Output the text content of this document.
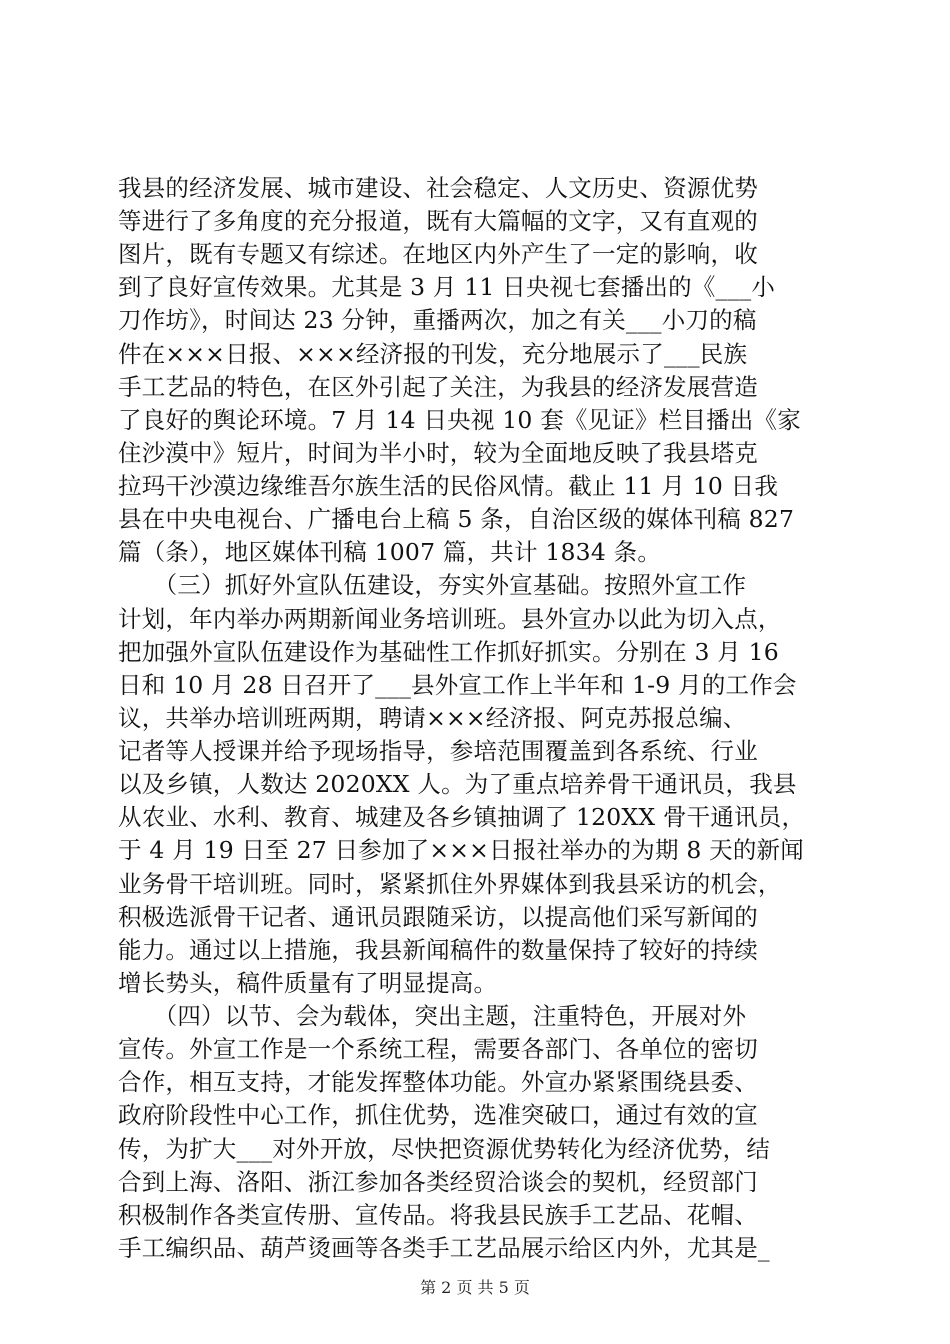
我县的经济发展、城市建设、社会稳定、人文历史、资源优势
等进行了多角度的充分报道，既有大篇幅的文字，又有直观的
图片，既有专题又有综述。在地区内外产生了一定的影响，收
到了良好宣传效果。尤其是 3 月 11 日央视七套播出的《___小
刀作坊》，时间达 23 分钟，重播两次，加之有关___小刀的稿
件在×××日报、×××经济报的刊发，充分地展示了___民族
手工艺品的特色，在区外引起了关注，为我县的经济发展营造
了良好的舆论环境。7 月 14 日央视 10 套《见证》栏目播出《家
住沙漠中》短片，时间为半小时，较为全面地反映了我县塔克
拉玛干沙漠边缘维吾尔族生活的民俗风情。截止 11 月 10 日我
县在中央电视台、广播电台上稿 5 条，自治区级的媒体刊稿 827
篇（条），地区媒体刊稿 1007 篇，共计 1834 条。
　　（三）抓好外宣队伍建设，夯实外宣基础。按照外宣工作
计划，年内举办两期新闻业务培训班。县外宣办以此为切入点，
把加强外宣队伍建设作为基础性工作抓好抓实。分别在 3 月 16
日和 10 月 28 日召开了___县外宣工作上半年和 1-9 月的工作会
议，共举办培训班两期，聘请×××经济报、阿克苏报总编、
记者等人授课并给予现场指导，参培范围覆盖到各系统、行业
以及乡镇，人数达 2020XX 人。为了重点培养骨干通讯员，我县
从农业、水利、教育、城建及各乡镇抽调了 120XX 骨干通讯员，
于 4 月 19 日至 27 日参加了×××日报社举办的为期 8 天的新闻
业务骨干培训班。同时，紧紧抓住外界媒体到我县采访的机会，
积极选派骨干记者、通讯员跟随采访，以提高他们采写新闻的
能力。通过以上措施，我县新闻稿件的数量保持了较好的持续
增长势头，稿件质量有了明显提高。
　　（四）以节、会为载体，突出主题，注重特色，开展对外
宣传。外宣工作是一个系统工程，需要各部门、各单位的密切
合作，相互支持，才能发挥整体功能。外宣办紧紧围绕县委、
政府阶段性中心工作，抓住优势，选准突破口，通过有效的宣
传，为扩大___对外开放，尽快把资源优势转化为经济优势，结
合到上海、洛阳、浙江参加各类经贸洽谈会的契机，经贸部门
积极制作各类宣传册、宣传品。将我县民族手工艺品、花帽、
手工编织品、葫芦烫画等各类手工艺品展示给区内外，尤其是_
第 2 页 共 5 页
